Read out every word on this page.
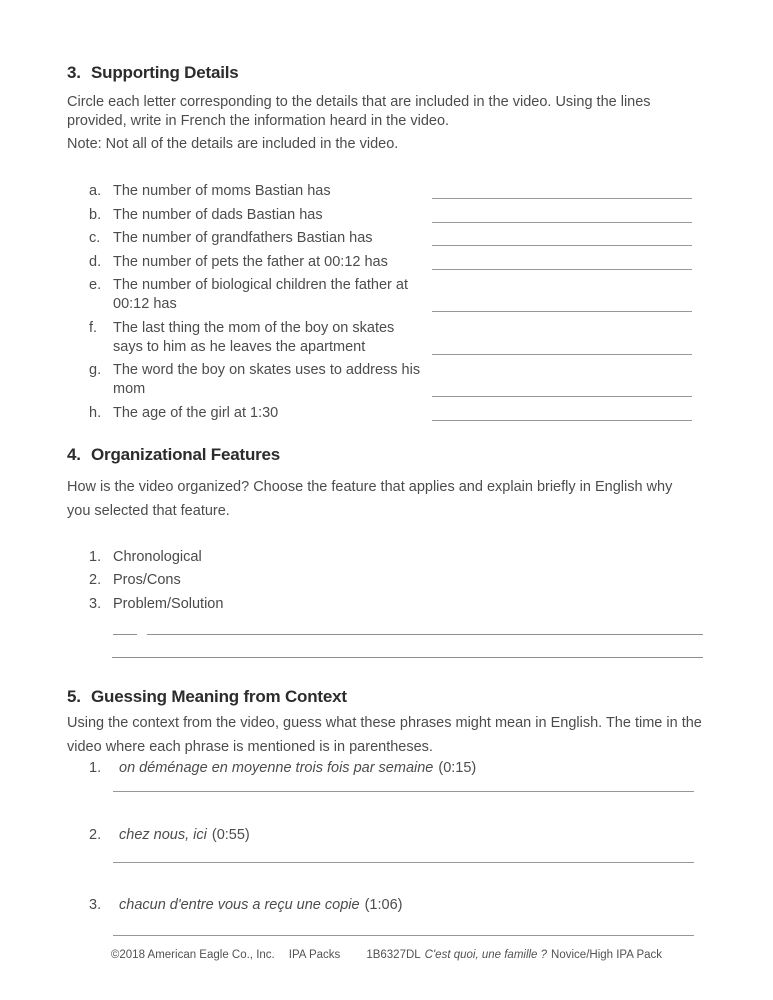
3. Supporting Details
Circle each letter corresponding to the details that are included in the video. Using the lines
provided, write in French the information heard in the video.
Note: Not all of the details are included in the video.
a. The number of moms Bastian has
b. The number of dads Bastian has
c. The number of grandfathers Bastian has
d. The number of pets the father at 00:12 has
e. The number of biological children the father at 00:12 has
f.	The last thing the mom of the boy on skates says to him as he leaves the apartment
g. The word the boy on skates uses to address his mom
h. The age of the girl at 1:30
4. Organizational Features
How is the video organized? Choose the feature that applies and explain briefly in English why
you selected that feature.
1. Chronological
2. Pros/Cons
3. Problem/Solution
5. Guessing Meaning from Context
Using the context from the video, guess what these phrases might mean in English. The time in the
video where each phrase is mentioned is in parentheses.
1.	on déménage en moyenne trois fois par semaine (0:15)
2.	chez nous, ici (0:55)
3.	chacun d'entre vous a reçu une copie (1:06)
©2018 American Eagle Co., Inc. IPA Packs 1B6327DL C'est quoi, une famille ? Novice/High IPA Pack
